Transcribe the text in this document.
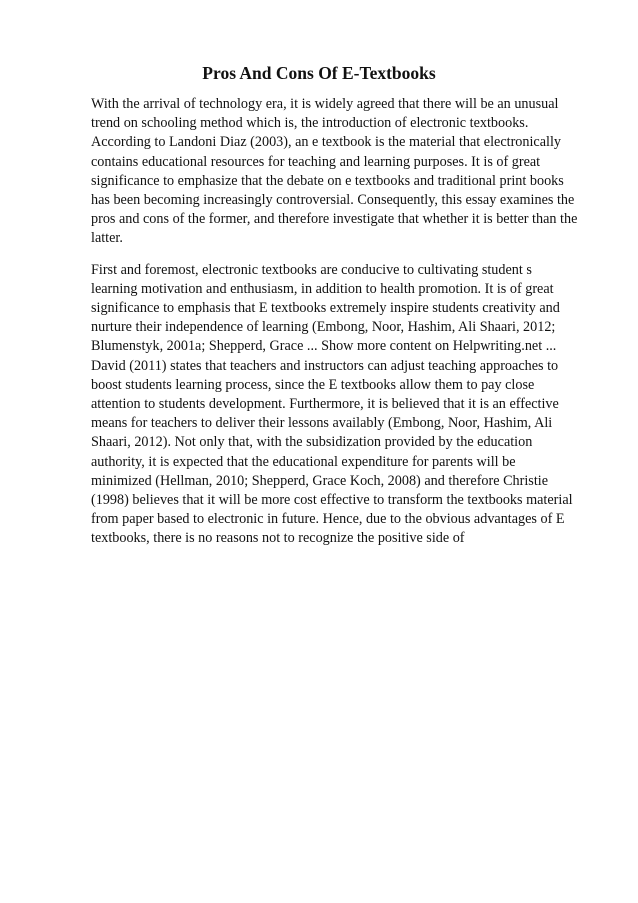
Pros And Cons Of E-Textbooks

With the arrival of technology era, it is widely agreed that there will be an unusual
trend on schooling method which is, the introduction of electronic textbooks.
According to Landoni Diaz (2003), an e textbook is the material that electronically
contains educational resources for teaching and learning purposes. It is of great
significance to emphasize that the debate on e textbooks and traditional print books
has been becoming increasingly controversial. Consequently, this essay examines the
pros and cons of the former, and therefore investigate that whether it is better than the
latter.

First and foremost, electronic textbooks are conducive to cultivating student s
learning motivation and enthusiasm, in addition to health promotion. It is of great
significance to emphasis that E textbooks extremely inspire students creativity and
nurture their independence of learning (Embong, Noor, Hashim, Ali Shaari, 2012;
Blumenstyk, 2001a; Shepperd, Grace ... Show more content on Helpwriting.net ...
David (2011) states that teachers and instructors can adjust teaching approaches to
boost students learning process, since the E textbooks allow them to pay close
attention to students development. Furthermore, it is believed that it is an effective
means for teachers to deliver their lessons availably (Embong, Noor, Hashim, Ali
Shaari, 2012). Not only that, with the subsidization provided by the education
authority, it is expected that the educational expenditure for parents will be
minimized (Hellman, 2010; Shepperd, Grace Koch, 2008) and therefore Christie
(1998) believes that it will be more cost effective to transform the textbooks material
from paper based to electronic in future. Hence, due to the obvious advantages of E
textbooks, there is no reasons not to recognize the positive side of
